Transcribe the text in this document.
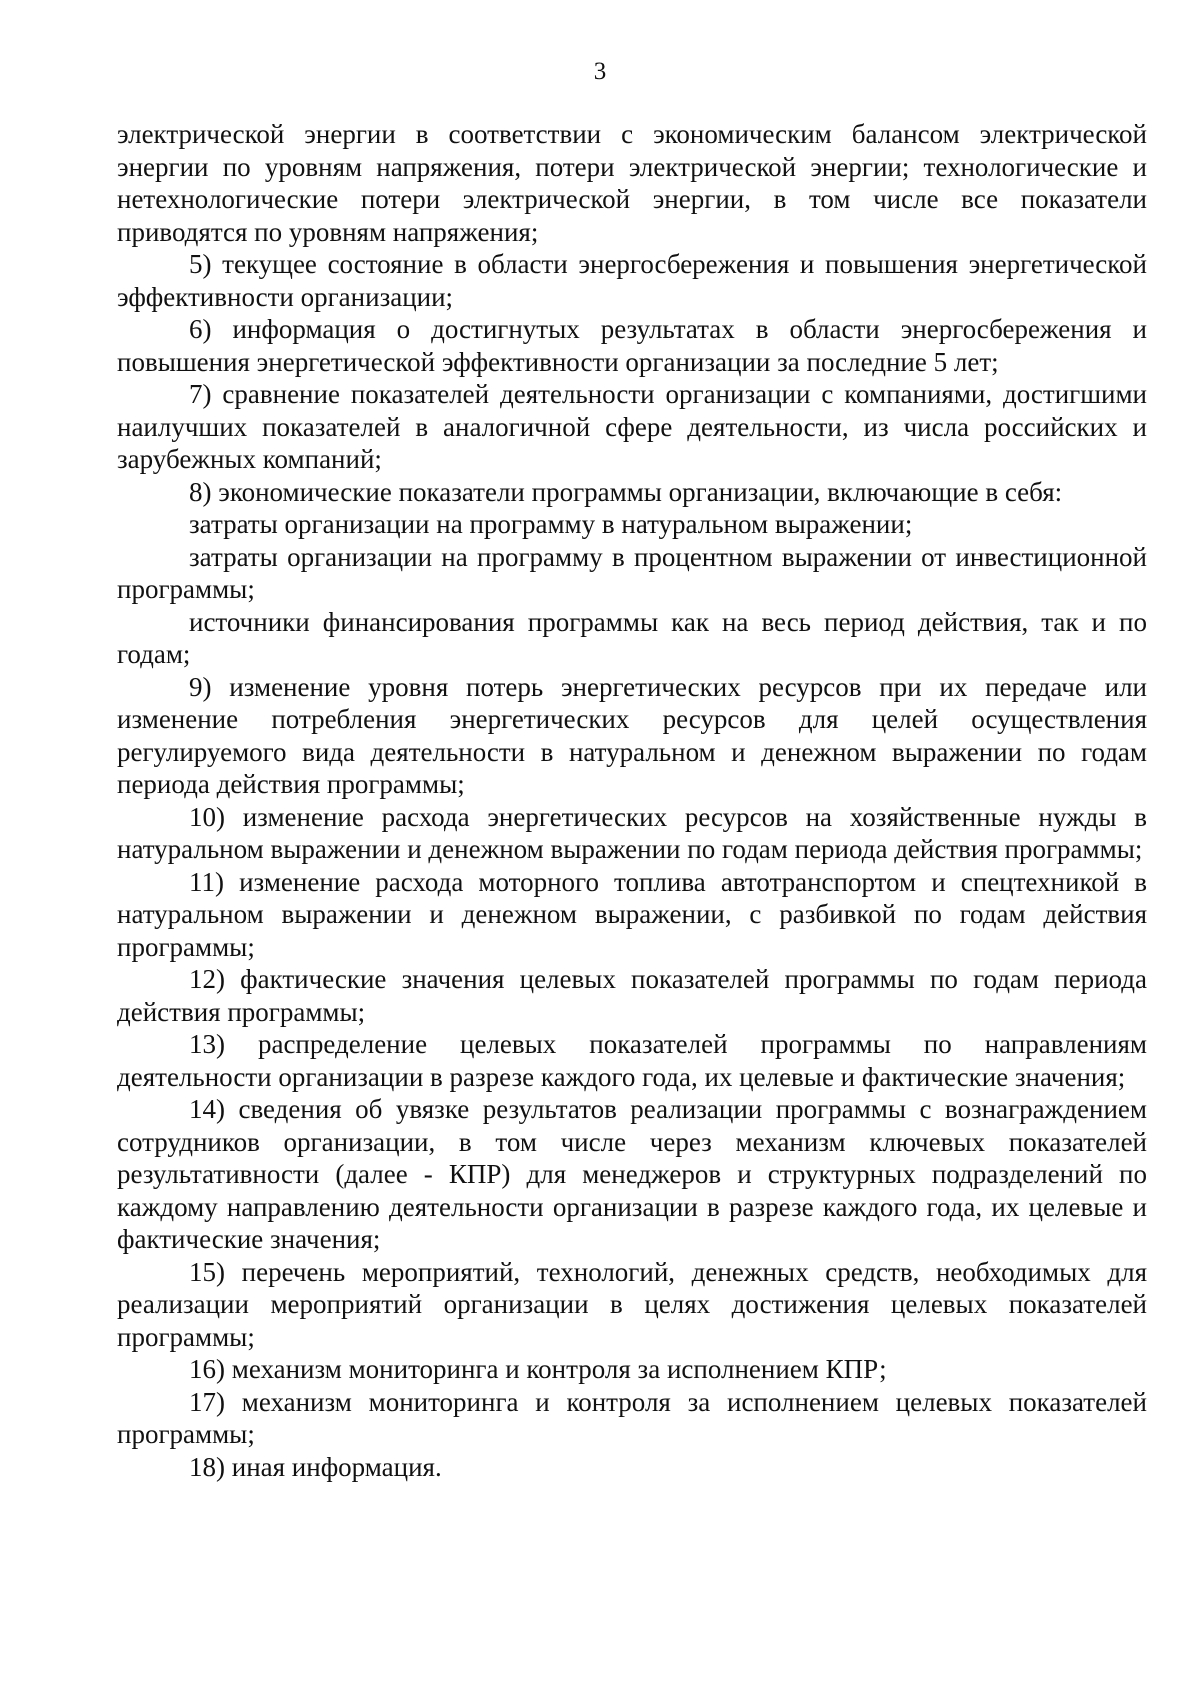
3

электрической энергии в соответствии с экономическим балансом электрической энергии по уровням напряжения, потери электрической энергии; технологические и нетехнологические потери электрической энергии, в том числе все показатели приводятся по уровням напряжения;

5) текущее состояние в области энергосбережения и повышения энергетической эффективности организации;

6) информация о достигнутых результатах в области энергосбережения и повышения энергетической эффективности организации за последние 5 лет;

7) сравнение показателей деятельности организации с компаниями, достигшими наилучших показателей в аналогичной сфере деятельности, из числа российских и зарубежных компаний;

8) экономические показатели программы организации, включающие в себя:

затраты организации на программу в натуральном выражении;

затраты организации на программу в процентном выражении от инвестиционной программы;

источники финансирования программы как на весь период действия, так и по годам;

9) изменение уровня потерь энергетических ресурсов при их передаче или изменение потребления энергетических ресурсов для целей осуществления регулируемого вида деятельности в натуральном и денежном выражении по годам периода действия программы;

10) изменение расхода энергетических ресурсов на хозяйственные нужды в натуральном выражении и денежном выражении по годам периода действия программы;

11) изменение расхода моторного топлива автотранспортом и спецтехникой в натуральном выражении и денежном выражении, с разбивкой по годам действия программы;

12) фактические значения целевых показателей программы по годам периода действия программы;

13) распределение целевых показателей программы по направлениям деятельности организации в разрезе каждого года, их целевые и фактические значения;

14) сведения об увязке результатов реализации программы с вознаграждением сотрудников организации, в том числе через механизм ключевых показателей результативности (далее - КПР) для менеджеров и структурных подразделений по каждому направлению деятельности организации в разрезе каждого года, их целевые и фактические значения;

15) перечень мероприятий, технологий, денежных средств, необходимых для реализации мероприятий организации в целях достижения целевых показателей программы;

16) механизм мониторинга и контроля за исполнением КПР;

17) механизм мониторинга и контроля за исполнением целевых показателей программы;

18) иная информация.
